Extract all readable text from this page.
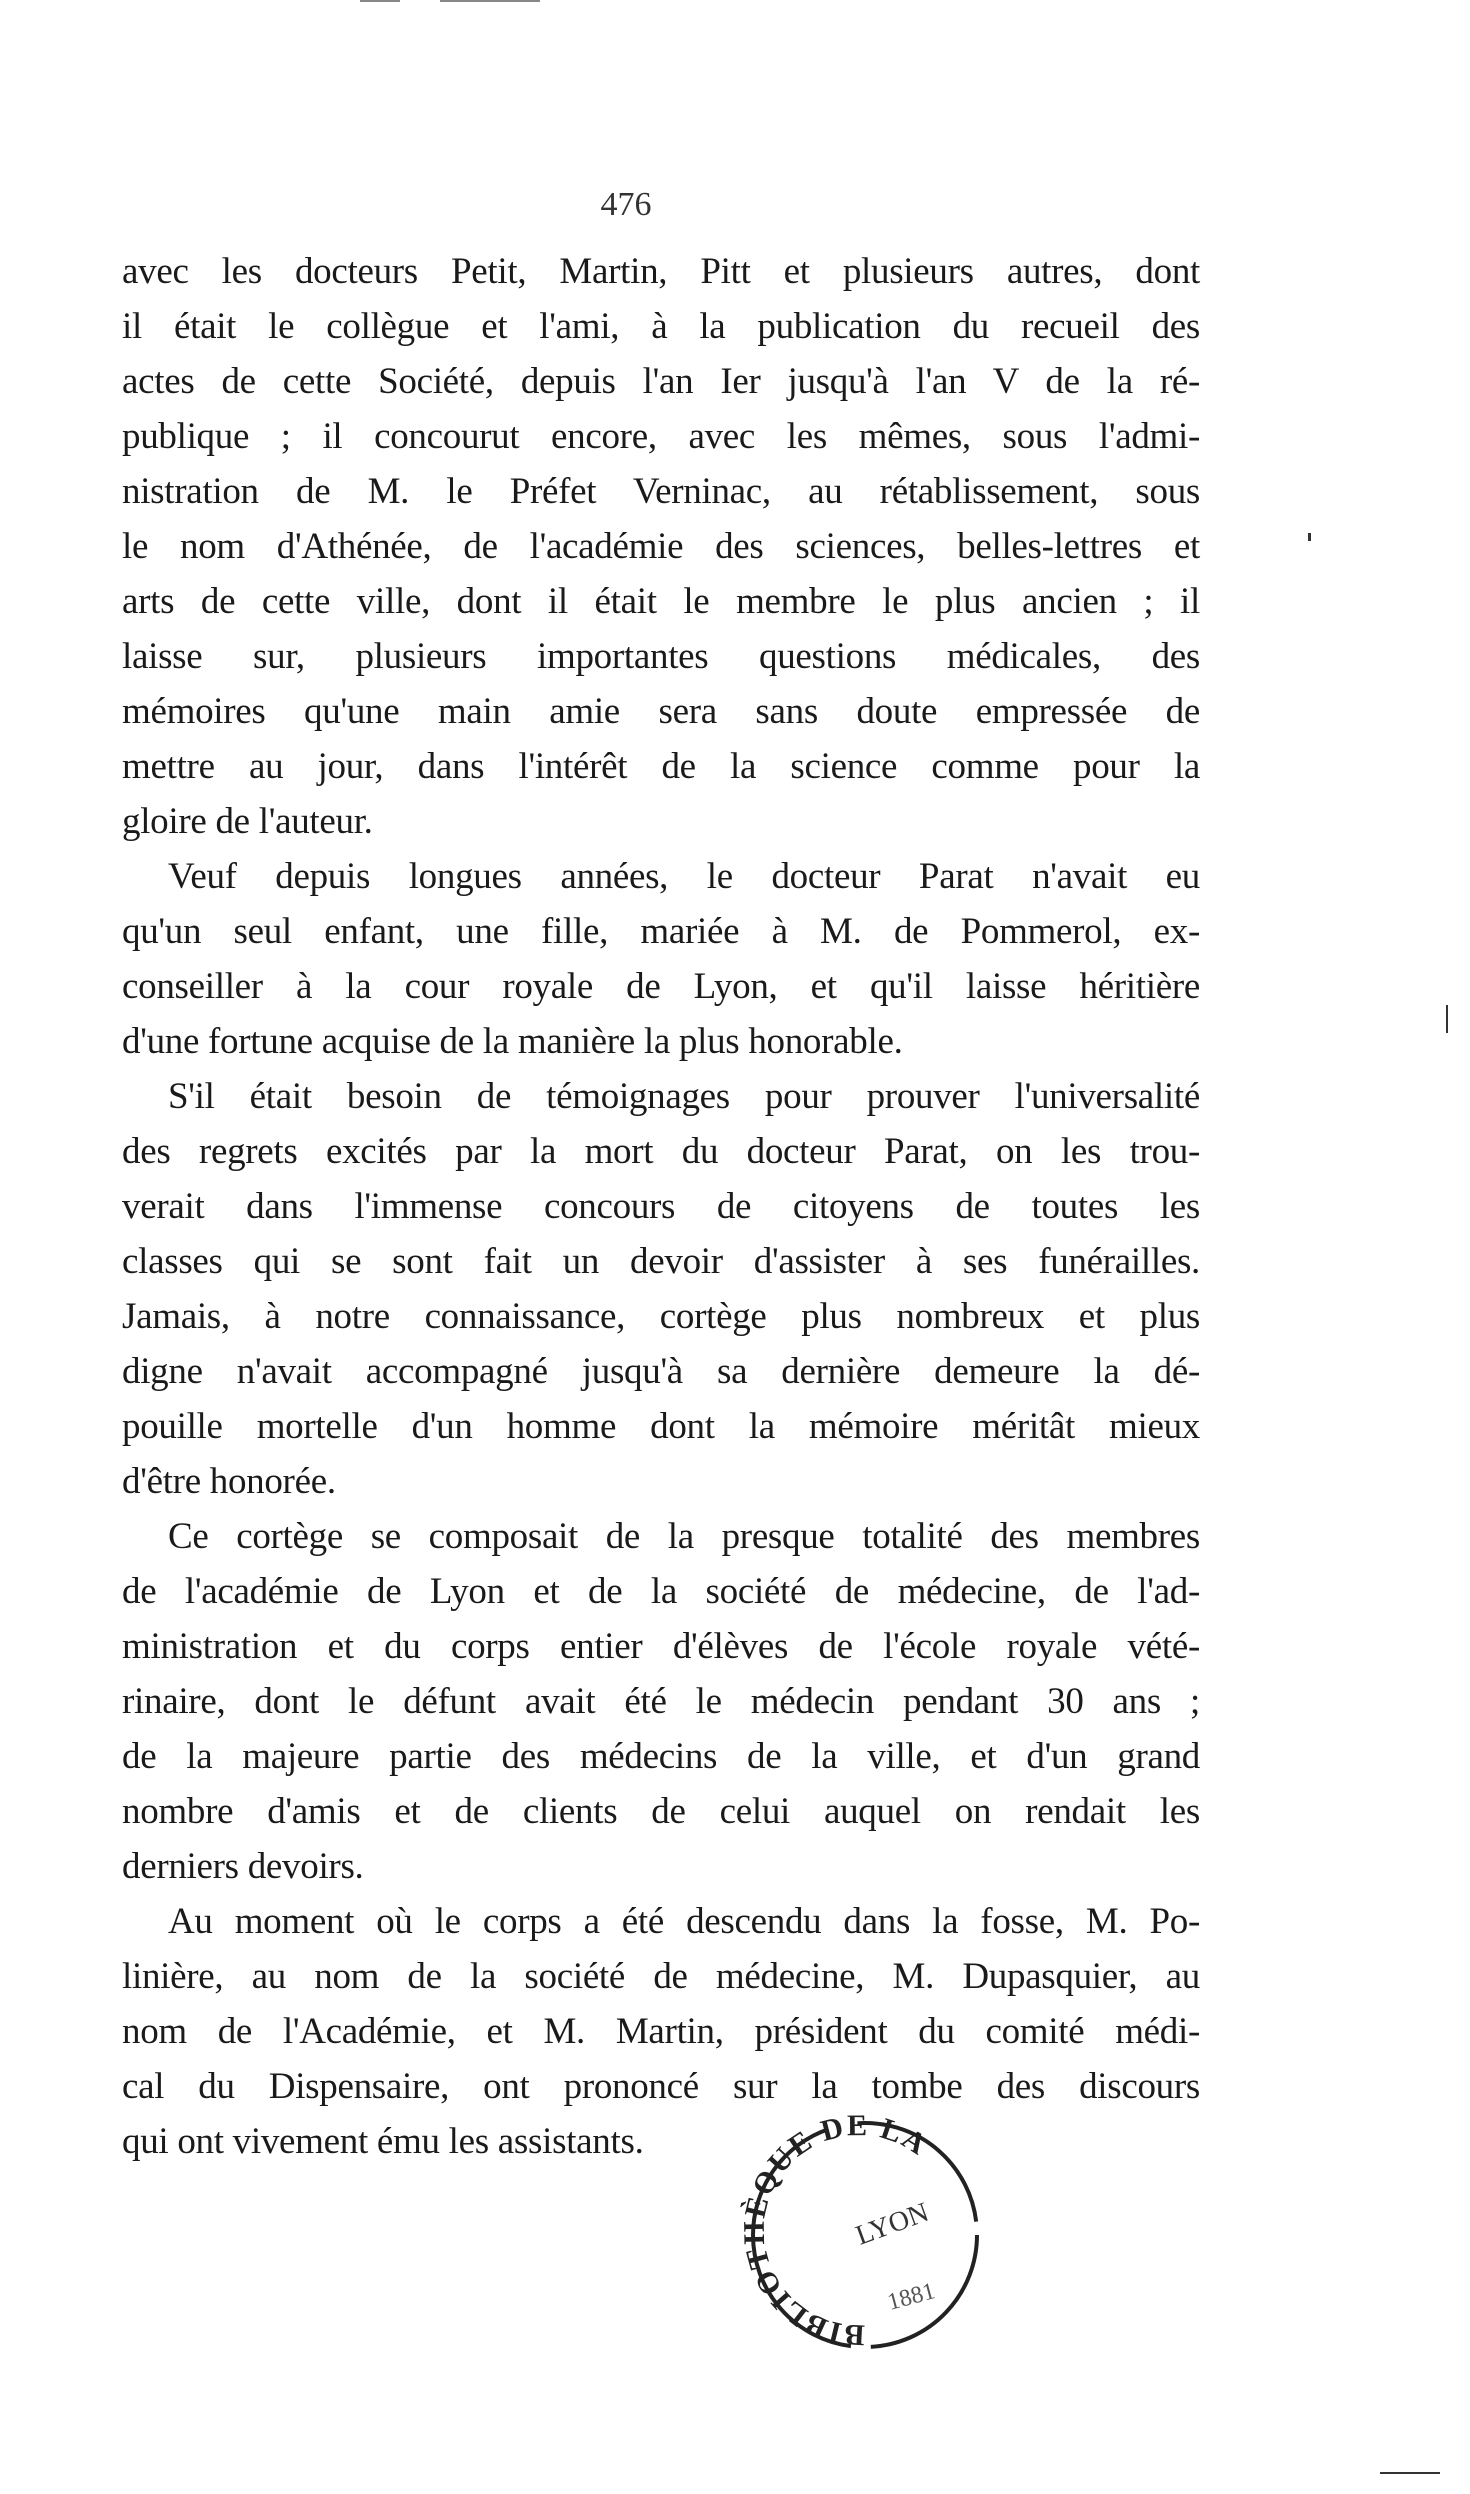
476
avec les docteurs Petit, Martin, Pitt et plusieurs autres, dont
il était le collègue et l'ami, à la publication du recueil des
actes de cette Société, depuis l'an Ier jusqu'à l'an V de la ré-
publique ; il concourut encore, avec les mêmes, sous l'admi-
nistration de M. le Préfet Verninac, au rétablissement, sous
le nom d'Athénée, de l'académie des sciences, belles-lettres et
arts de cette ville, dont il était le membre le plus ancien ; il
laisse sur, plusieurs importantes questions médicales, des
mémoires qu'une main amie sera sans doute empressée de
mettre au jour, dans l'intérêt de la science comme pour la
gloire de l'auteur.
Veuf depuis longues années, le docteur Parat n'avait eu
qu'un seul enfant, une fille, mariée à M. de Pommerol, ex-
conseiller à la cour royale de Lyon, et qu'il laisse héritière
d'une fortune acquise de la manière la plus honorable.
S'il était besoin de témoignages pour prouver l'universalité
des regrets excités par la mort du docteur Parat, on les trou-
verait dans l'immense concours de citoyens de toutes les
classes qui se sont fait un devoir d'assister à ses funérailles.
Jamais, à notre connaissance, cortège plus nombreux et plus
digne n'avait accompagné jusqu'à sa dernière demeure la dé-
pouille mortelle d'un homme dont la mémoire méritât mieux
d'être honorée.
Ce cortège se composait de la presque totalité des membres
de l'académie de Lyon et de la société de médecine, de l'ad-
ministration et du corps entier d'élèves de l'école royale vété-
rinaire, dont le défunt avait été le médecin pendant 30 ans ;
de la majeure partie des médecins de la ville, et d'un grand
nombre d'amis et de clients de celui auquel on rendait les
derniers devoirs.
Au moment où le corps a été descendu dans la fosse, M. Po-
linière, au nom de la société de médecine, M. Dupasquier, au
nom de l'Académie, et M. Martin, président du comité médi-
cal du Dispensaire, ont prononcé sur la tombe des discours
qui ont vivement ému les assistants.
BIBLIOTHÈQUE DE LA
LYON
1881
